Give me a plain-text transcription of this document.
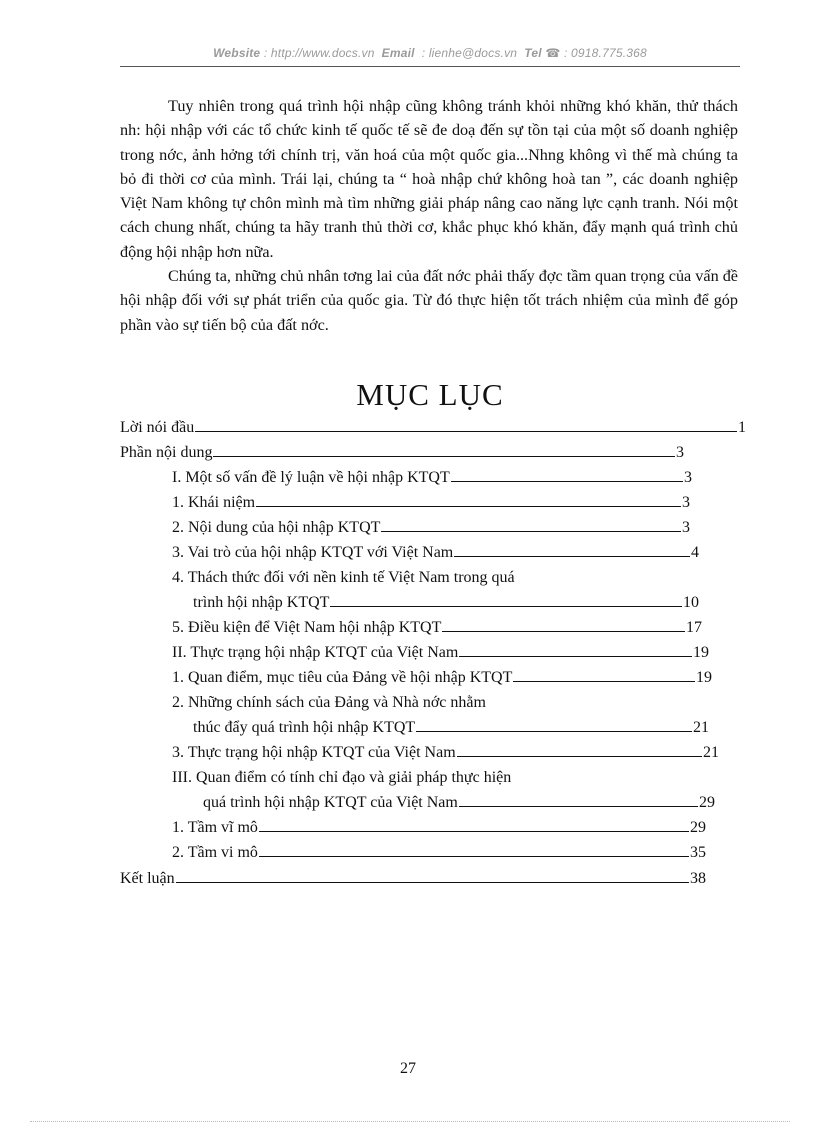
Website : http://www.docs.vn Email : lienhe@docs.vn Tel ☎ : 0918.775.368

Tuy nhiên trong quá trình hội nhập cũng không tránh khỏi những khó khăn, thử thách nh: hội nhập với các tổ chức kinh tế quốc tế sẽ đe doạ đến sự tồn tại của một số doanh nghiệp trong nớc, ảnh hởng tới chính trị, văn hoá của một quốc gia...Nhng không vì thế mà chúng ta bỏ đi thời cơ của mình. Trái lại, chúng ta “ hoà nhập chứ không hoà tan ”, các doanh nghiệp Việt Nam không tự chôn mình mà tìm những giải pháp nâng cao năng lực cạnh tranh. Nói một cách chung nhất, chúng ta hãy tranh thủ thời cơ, khắc phục khó khăn, đẩy mạnh quá trình chủ động hội nhập hơn nữa.

Chúng ta, những chủ nhân tơng lai của đất nớc phải thấy đợc tầm quan trọng của vấn đề hội nhập đối với sự phát triển của quốc gia. Từ đó thực hiện tốt trách nhiệm của mình để góp phần vào sự tiến bộ của đất nớc.

MỤC LỤC
Lời nói đầu	1
Phần nội dung	3
I. Một số vấn đề lý luận về hội nhập KTQT	3
1. Khái niệm	3
2. Nội dung của hội nhập KTQT	3
3. Vai trò của hội nhập KTQT với Việt Nam	4
4. Thách thức đối với nền kinh tế Việt Nam trong quá
trình hội nhập KTQT	10
5. Điều kiện để Việt Nam hội nhập KTQT	17
II. Thực trạng hội nhập KTQT của Việt Nam	19
1. Quan điểm, mục tiêu của Đảng về hội nhập KTQT	19
2. Những chính sách của Đảng và Nhà nớc nhằm
thúc đẩy quá trình hội nhập KTQT	21
3. Thực trạng hội nhập KTQT của Việt Nam	21
III. Quan điểm có tính chỉ đạo và giải pháp thực hiện
quá trình hội nhập KTQT của Việt Nam	29
1. Tầm vĩ mô	29
2. Tầm vi mô	35
Kết luận	38
27
